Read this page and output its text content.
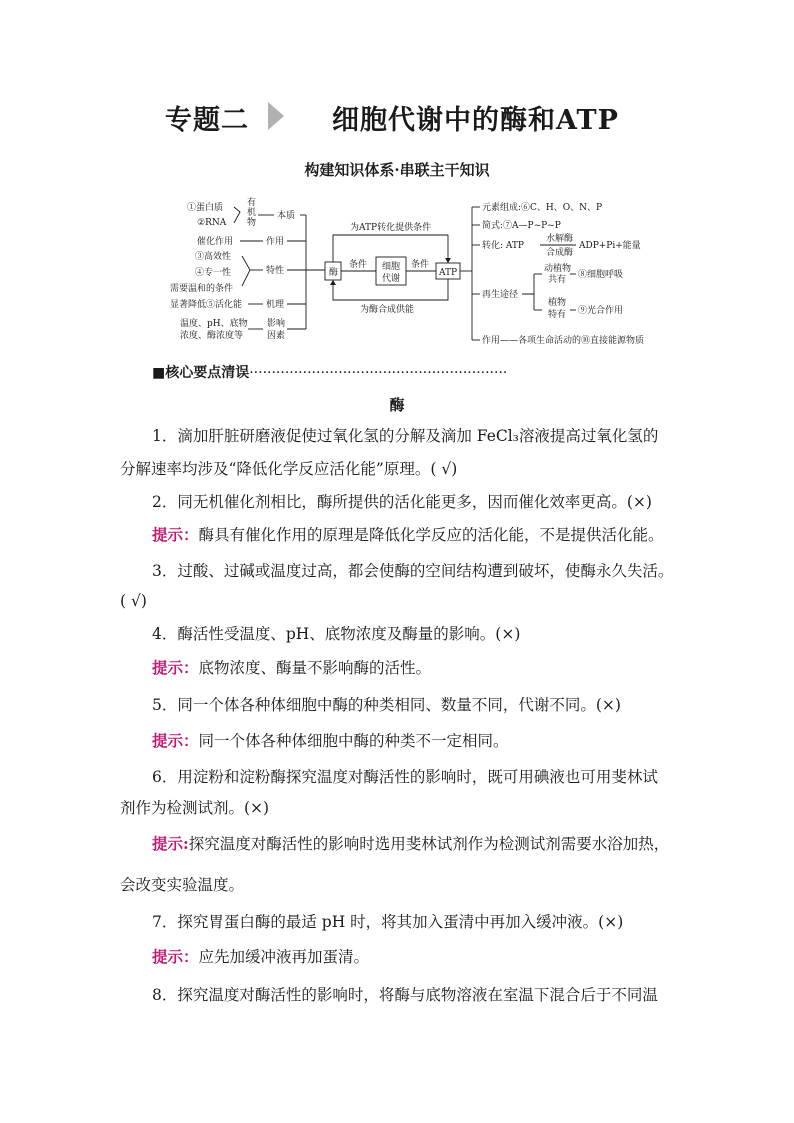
专题二	细胞代谢中的酶和ATP
构建知识体系·串联主干知识
①蛋白质
②RNA
有
机
物
本质
催化作用	作用
③高效性
④专一性
需要温和的条件
特性
显著降低⑤活化能	机理
温度、pH、底物
浓度、酶浓度等
影响
因素
酶
条件 细胞
代谢
条件
ATP
为ATP转化提供条件
为酶合成供能
元素组成:⑥C、H、O、N、P
简式:⑦A—P~P~P
转化: ATP
水解酶
合成酶
ADP+Pi+能量
再生途径
动植物
共有 ⑧细胞呼吸
植物
特有 ⑨光合作用
作用——各项生命活动的⑩直接能源物质
■核心要点清误··························································
酶
1．滴加肝脏研磨液促使过氧化氢的分解及滴加 FeCl₃溶液提高过氧化氢的
分解速率均涉及“降低化学反应活化能”原理。( √)
2．同无机催化剂相比，酶所提供的活化能更多，因而催化效率更高。(×)
提示：酶具有催化作用的原理是降低化学反应的活化能，不是提供活化能。
3．过酸、过碱或温度过高，都会使酶的空间结构遭到破坏，使酶永久失活。
( √)
4．酶活性受温度、pH、底物浓度及酶量的影响。(×)
提示：底物浓度、酶量不影响酶的活性。
5．同一个体各种体细胞中酶的种类相同、数量不同，代谢不同。(×)
提示：同一个体各种体细胞中酶的种类不一定相同。
6．用淀粉和淀粉酶探究温度对酶活性的影响时，既可用碘液也可用斐林试
剂作为检测试剂。(×)
提示:探究温度对酶活性的影响时选用斐林试剂作为检测试剂需要水浴加热，
会改变实验温度。
7．探究胃蛋白酶的最适 pH 时，将其加入蛋清中再加入缓冲液。(×)
提示：应先加缓冲液再加蛋清。
8．探究温度对酶活性的影响时，将酶与底物溶液在室温下混合后于不同温
